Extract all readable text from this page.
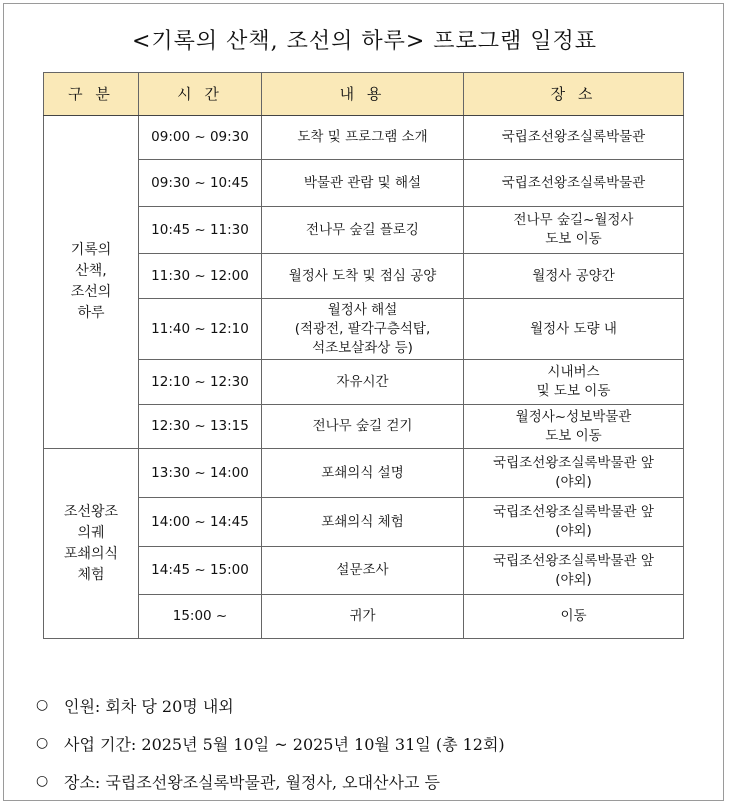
<기록의 산책, 조선의 하루> 프로그램 일정표
구 분	시 간	내 용	장 소
기록의
산책,
조선의
하루	09:00 ~ 09:30	도착 및 프로그램 소개	국립조선왕조실록박물관
	09:30 ~ 10:45	박물관 관람 및 해설	국립조선왕조실록박물관
	10:45 ~ 11:30	전나무 숲길 플로깅	전나무 숲길~월정사
도보 이동
	11:30 ~ 12:00	월정사 도착 및 점심 공양	월정사 공양간
	11:40 ~ 12:10	월정사 해설
(적광전, 팔각구층석탑,
석조보살좌상 등)	월정사 도량 내
	12:10 ~ 12:30	자유시간	시내버스
및 도보 이동
	12:30 ~ 13:15	전나무 숲길 걷기	월정사~성보박물관
도보 이동
조선왕조
의궤
포쇄의식
체험	13:30 ~ 14:00	포쇄의식 설명	국립조선왕조실록박물관 앞
(야외)
	14:00 ~ 14:45	포쇄의식 체험	국립조선왕조실록박물관 앞
(야외)
	14:45 ~ 15:00	설문조사	국립조선왕조실록박물관 앞
(야외)
	15:00 ~	귀가	이동
○ 인원: 회차 당 20명 내외
○ 사업 기간: 2025년 5월 10일 ~ 2025년 10월 31일 (총 12회)
○ 장소: 국립조선왕조실록박물관, 월정사, 오대산사고 등
